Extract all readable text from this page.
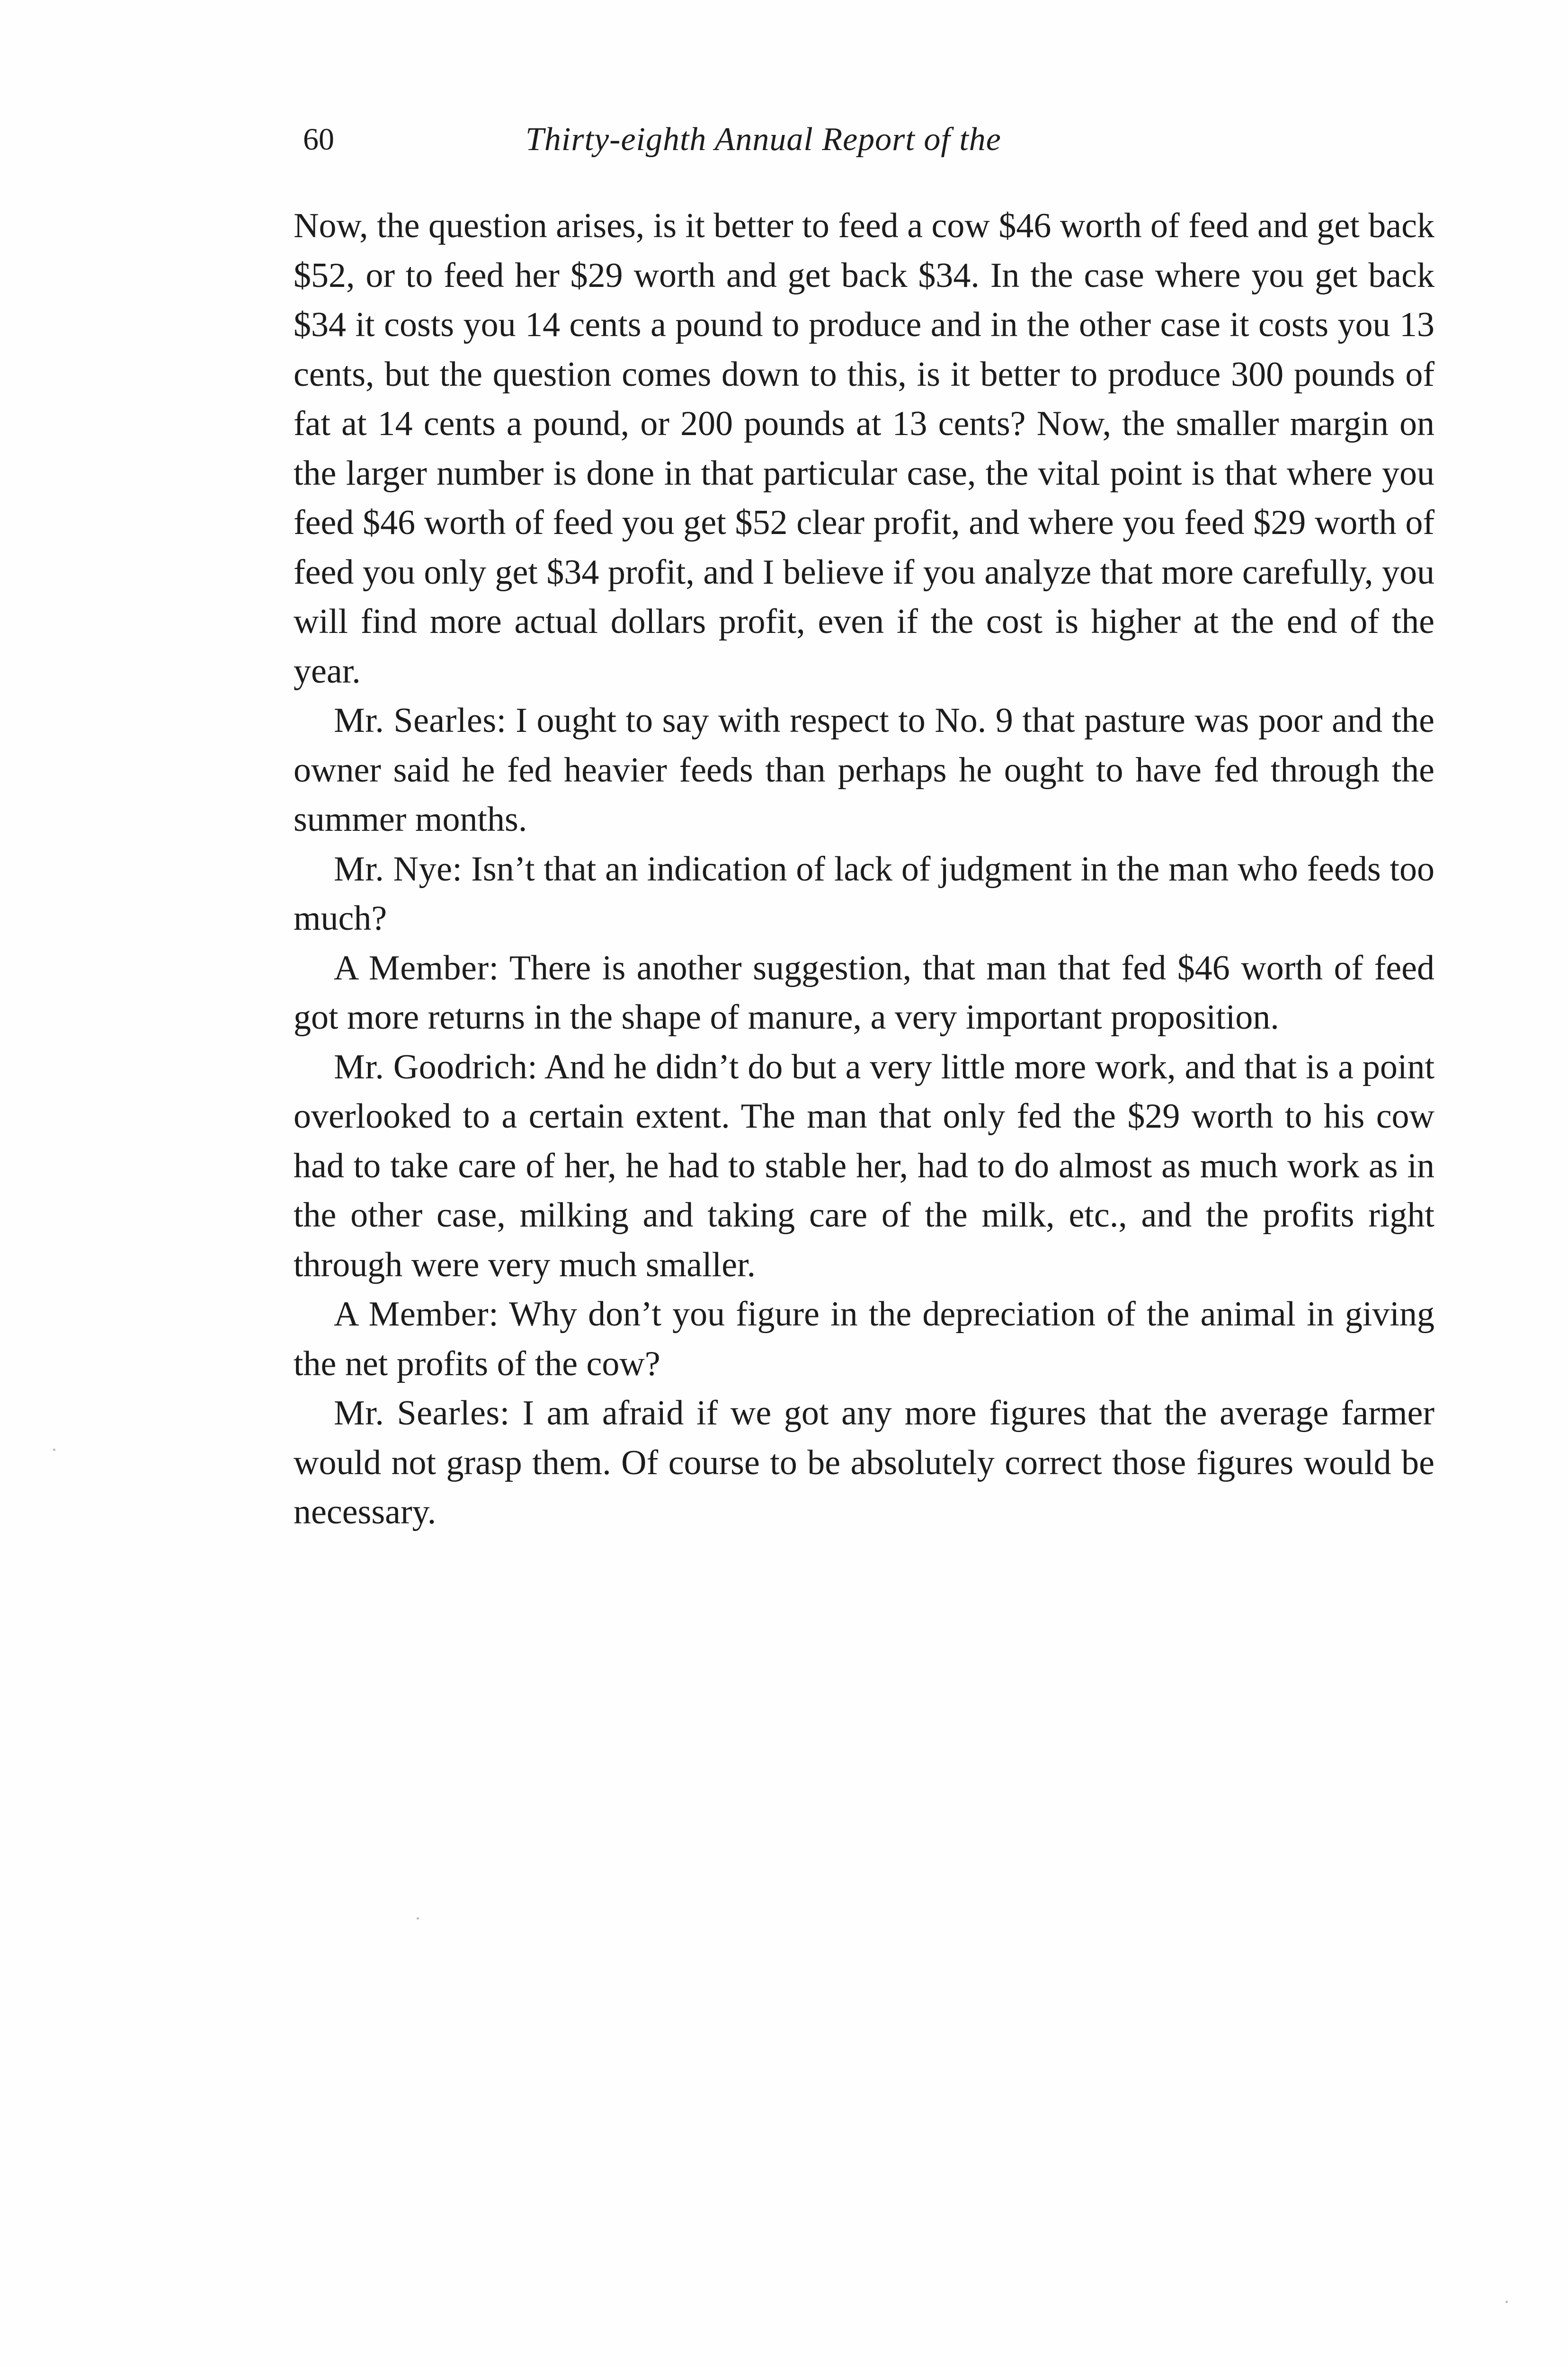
60	Thirty-eighth Annual Report of the

Now, the question arises, is it better to feed a cow $46 worth of feed and get back $52, or to feed her $29 worth and get back $34. In the case where you get back $34 it costs you 14 cents a pound to produce and in the other case it costs you 13 cents, but the question comes down to this, is it better to produce 300 pounds of fat at 14 cents a pound, or 200 pounds at 13 cents? Now, the smaller margin on the larger number is done in that particular case, the vital point is that where you feed $46 worth of feed you get $52 clear profit, and where you feed $29 worth of feed you only get $34 profit, and I believe if you analyze that more carefully, you will find more actual dollars profit, even if the cost is higher at the end of the year.

Mr. Searles: I ought to say with respect to No. 9 that pasture was poor and the owner said he fed heavier feeds than perhaps he ought to have fed through the summer months.

Mr. Nye: Isn’t that an indication of lack of judgment in the man who feeds too much?

A Member: There is another suggestion, that man that fed $46 worth of feed got more returns in the shape of manure, a very important proposition.

Mr. Goodrich: And he didn’t do but a very little more work, and that is a point overlooked to a certain extent. The man that only fed the $29 worth to his cow had to take care of her, he had to stable her, had to do almost as much work as in the other case, milking and taking care of the milk, etc., and the profits right through were very much smaller.

A Member: Why don’t you figure in the depreciation of the animal in giving the net profits of the cow?

Mr. Searles: I am afraid if we got any more figures that the average farmer would not grasp them. Of course to be absolutely correct those figures would be necessary.
